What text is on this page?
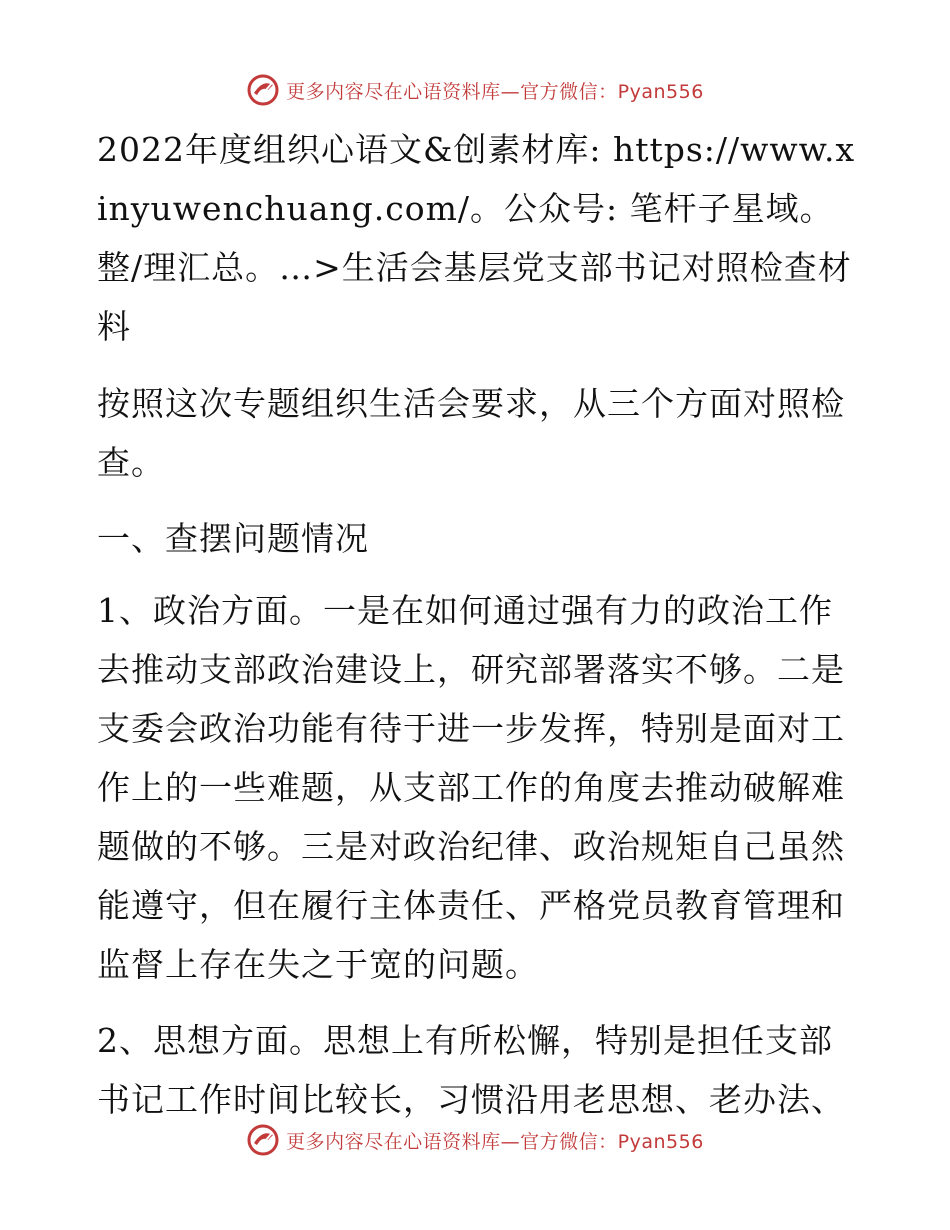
更多内容尽在心语资料库—官方微信：Pyan556

2022年度组织心语文&创素材库: https://www.xinyuwenchuang.com/。公众号: 笔杆子星域。整/理汇总。…>生活会基层党支部书记对照检查材料

按照这次专题组织生活会要求，从三个方面对照检查。

一、查摆问题情况

1、政治方面。一是在如何通过强有力的政治工作去推动支部政治建设上，研究部署落实不够。二是支委会政治功能有待于进一步发挥，特别是面对工作上的一些难题，从支部工作的角度去推动破解难题做的不够。三是对政治纪律、政治规矩自己虽然能遵守，但在履行主体责任、严格党员教育管理和监督上存在失之于宽的问题。

2、思想方面。思想上有所松懈，特别是担任支部书记工作时间比较长，习惯沿用老思想、老办法、

更多内容尽在心语资料库—官方微信：Pyan556
